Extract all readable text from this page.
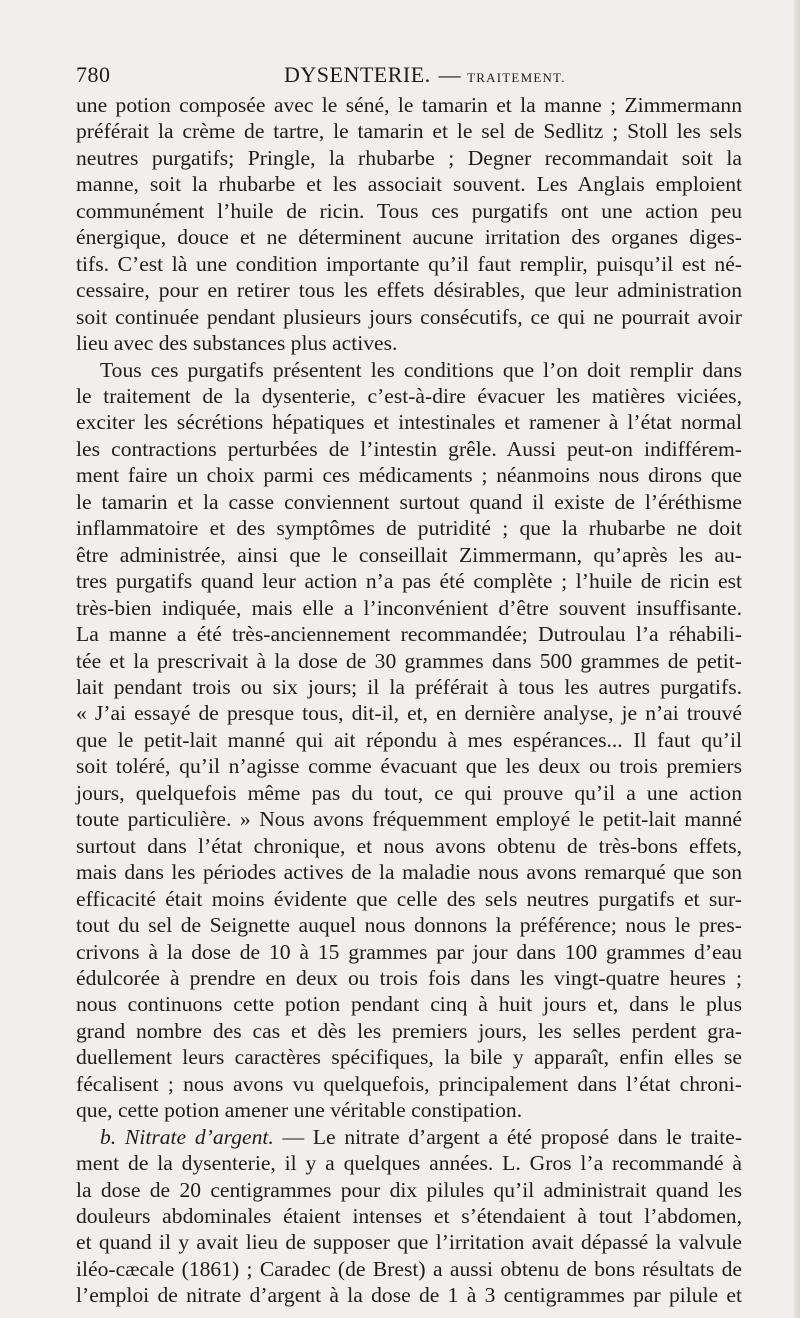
780	DYSENTERIE. — TRAITEMENT.
une potion composée avec le séné, le tamarin et la manne ; Zimmermann
préférait la crème de tartre, le tamarin et le sel de Sedlitz ; Stoll les sels
neutres purgatifs; Pringle, la rhubarbe ; Degner recommandait soit la
manne, soit la rhubarbe et les associait souvent. Les Anglais emploient
communément l’huile de ricin. Tous ces purgatifs ont une action peu
énergique, douce et ne déterminent aucune irritation des organes diges-
tifs. C’est là une condition importante qu’il faut remplir, puisqu’il est né-
cessaire, pour en retirer tous les effets désirables, que leur administration
soit continuée pendant plusieurs jours consécutifs, ce qui ne pourrait avoir
lieu avec des substances plus actives.
Tous ces purgatifs présentent les conditions que l’on doit remplir dans
le traitement de la dysenterie, c’est-à-dire évacuer les matières viciées,
exciter les sécrétions hépatiques et intestinales et ramener à l’état normal
les contractions perturbées de l’intestin grêle. Aussi peut-on indifférem-
ment faire un choix parmi ces médicaments ; néanmoins nous dirons que
le tamarin et la casse conviennent surtout quand il existe de l’éréthisme
inflammatoire et des symptômes de putridité ; que la rhubarbe ne doit
être administrée, ainsi que le conseillait Zimmermann, qu’après les au-
tres purgatifs quand leur action n’a pas été complète ; l’huile de ricin est
très-bien indiquée, mais elle a l’inconvénient d’être souvent insuffisante.
La manne a été très-anciennement recommandée; Dutroulau l’a réhabili-
tée et la prescrivait à la dose de 30 grammes dans 500 grammes de petit-
lait pendant trois ou six jours; il la préférait à tous les autres purgatifs.
« J’ai essayé de presque tous, dit-il, et, en dernière analyse, je n’ai trouvé
que le petit-lait manné qui ait répondu à mes espérances... Il faut qu’il
soit toléré, qu’il n’agisse comme évacuant que les deux ou trois premiers
jours, quelquefois même pas du tout, ce qui prouve qu’il a une action
toute particulière. » Nous avons fréquemment employé le petit-lait manné
surtout dans l’état chronique, et nous avons obtenu de très-bons effets,
mais dans les périodes actives de la maladie nous avons remarqué que son
efficacité était moins évidente que celle des sels neutres purgatifs et sur-
tout du sel de Seignette auquel nous donnons la préférence; nous le pres-
crivons à la dose de 10 à 15 grammes par jour dans 100 grammes d’eau
édulcorée à prendre en deux ou trois fois dans les vingt-quatre heures ;
nous continuons cette potion pendant cinq à huit jours et, dans le plus
grand nombre des cas et dès les premiers jours, les selles perdent gra-
duellement leurs caractères spécifiques, la bile y apparaît, enfin elles se
fécalisent ; nous avons vu quelquefois, principalement dans l’état chroni-
que, cette potion amener une véritable constipation.
b. Nitrate d’argent. — Le nitrate d’argent a été proposé dans le traite-
ment de la dysenterie, il y a quelques années. L. Gros l’a recommandé à
la dose de 20 centigrammes pour dix pilules qu’il administrait quand les
douleurs abdominales étaient intenses et s’étendaient à tout l’abdomen,
et quand il y avait lieu de supposer que l’irritation avait dépassé la valvule
iléo-cæcale (1861) ; Caradec (de Brest) a aussi obtenu de bons résultats de
l’emploi de nitrate d’argent à la dose de 1 à 3 centigrammes par pilule et
